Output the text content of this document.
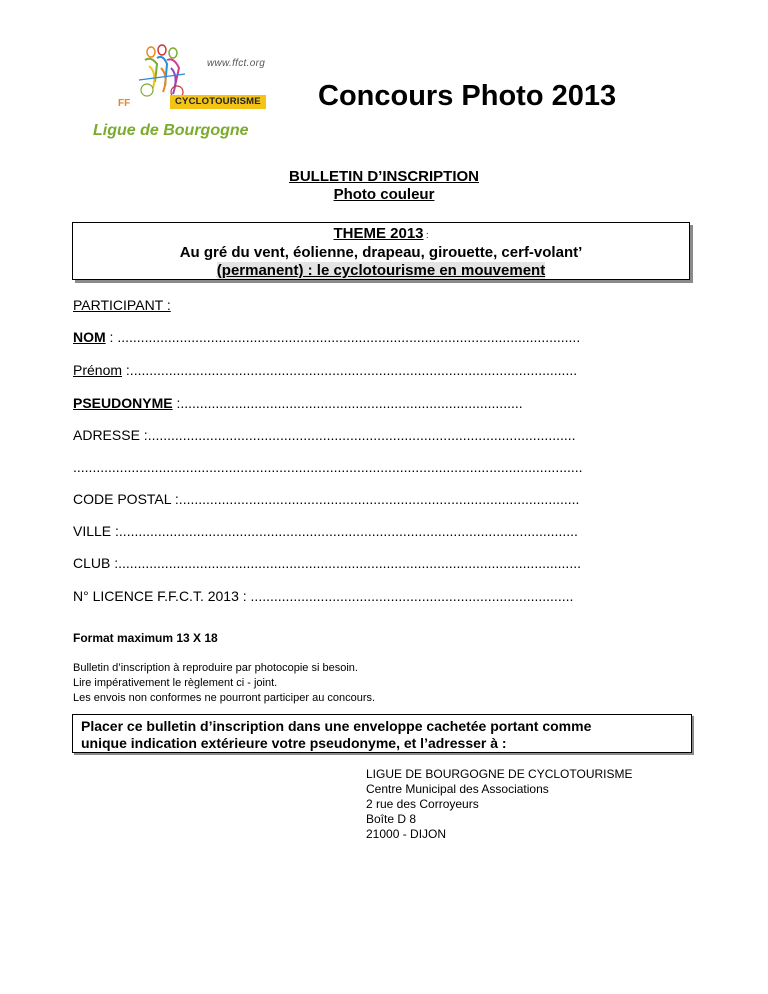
www.ffct.org
FF	CYCLOTOURISME
Ligue de Bourgogne
Concours Photo 2013
BULLETIN D’INSCRIPTION
Photo couleur
THEME 2013 :
Au gré du vent, éolienne, drapeau, girouette, cerf-volant’
(permanent) : le cyclotourisme en mouvement
PARTICIPANT :
NOM : .......................................................................................................................
Prénom :...................................................................................................................
PSEUDONYME :........................................................................................
ADRESSE :..............................................................................................................
...................................................................................................................................
CODE POSTAL :.......................................................................................................
VILLE :......................................................................................................................
CLUB :.......................................................................................................................
N° LICENCE F.F.C.T. 2013 : ...................................................................................
Format maximum 13 X 18
Bulletin d’inscription à reproduire par photocopie si besoin.
Lire impérativement le règlement ci - joint.
Les envois non conformes ne pourront participer au concours.
Placer ce bulletin d’inscription dans une enveloppe cachetée portant comme
unique indication extérieure votre pseudonyme, et l’adresser à :
LIGUE DE BOURGOGNE DE CYCLOTOURISME
Centre Municipal des Associations
2 rue des Corroyeurs
Boîte D 8
21000 - DIJON
